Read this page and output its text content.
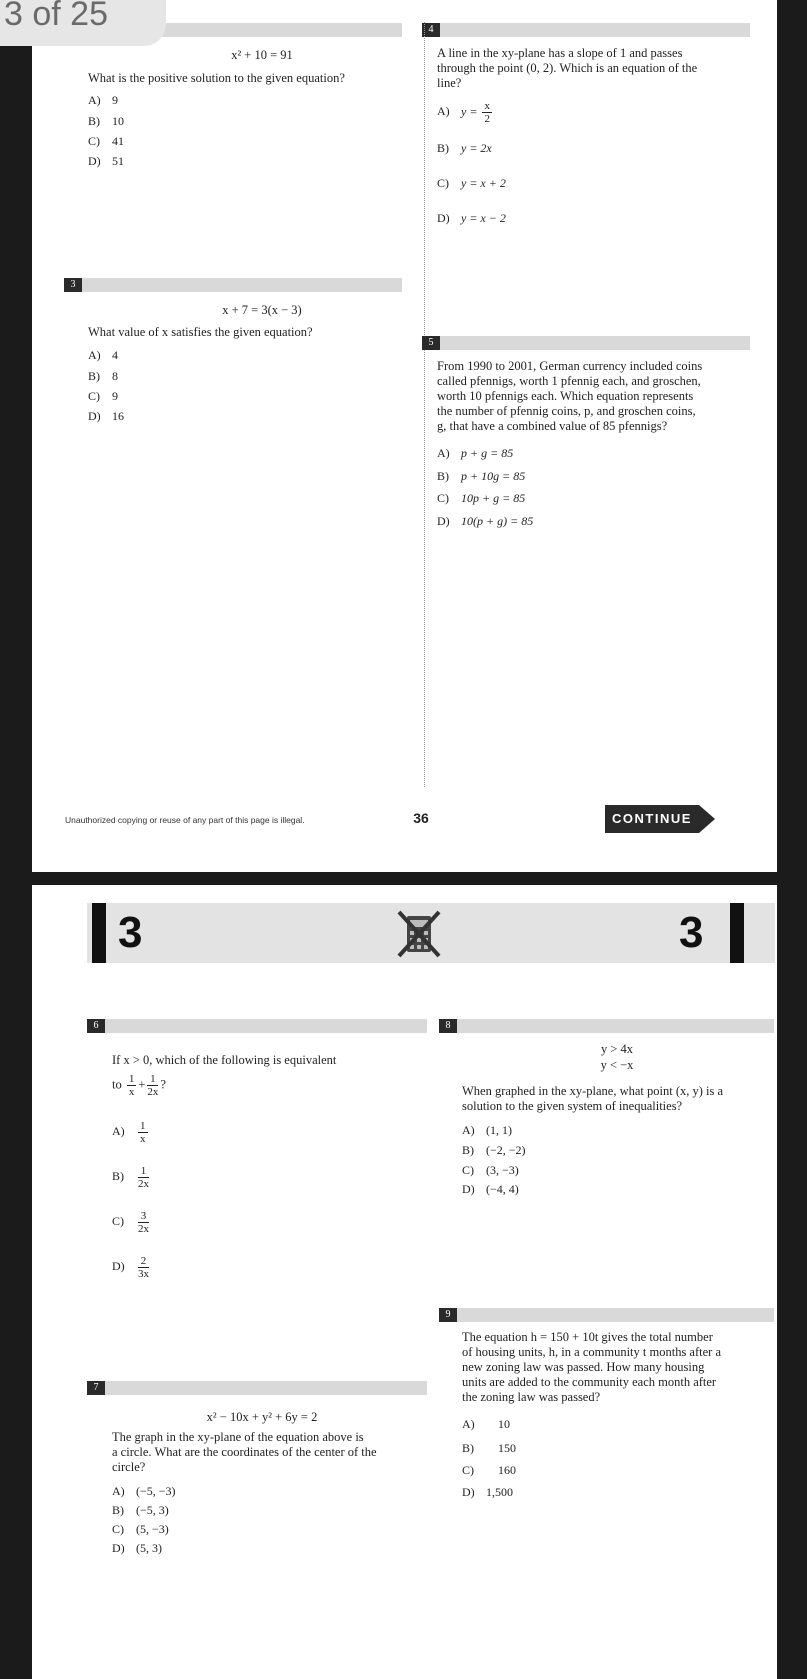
4
x² + 10 = 91
What is the positive solution to the given equation?
A) 9
B) 10
C) 41
D) 51
A line in the xy-plane has a slope of 1 and passes
through the point (0, 2). Which is an equation of the
line?
A) $y = \frac{x}{2}$
B) y = 2x
C) y = x + 2
D) y = x − 2
3
x + 7 = 3(x − 3)
What value of x satisfies the given equation?
A) 4
B) 8
C) 9
D) 16
5
From 1990 to 2001, German currency included coins
called pfennigs, worth 1 pfennig each, and groschen,
worth 10 pfennigs each. Which equation represents
the number of pfennig coins, p, and groschen coins,
g, that have a combined value of 85 pfennigs?
A) p + g = 85
B) p + 10g = 85
C) 10p + g = 85
D) 10(p + g) = 85
Unauthorized copying or reuse of any part of this page is illegal.	36	CONTINUE
3	3
6
If x > 0, which of the following is equivalent
to $\frac{1}{x} + \frac{1}{2x}$ ?
$A) \frac{1}{x}$
$B) \frac{1}{2x}$
$C) \frac{3}{2x}$
$D) \frac{2}{3x}$
8
y > 4x
y < −x
When graphed in the xy-plane, what point (x, y) is a
solution to the given system of inequalities?
A) (1, 1)
B) (−2, −2)
C) (3, −3)
D) (−4, 4)
9
The equation h = 150 + 10t gives the total number
of housing units, h, in a community t months after a
new zoning law was passed. How many housing
units are added to the community each month after
the zoning law was passed?
A) 10
B) 150
C) 160
D) 1,500
7
x² − 10x + y² + 6y = 2
The graph in the xy-plane of the equation above is
a circle. What are the coordinates of the center of the
circle?
A) (−5, −3)
B) (−5, 3)
C) (5, −3)
D) (5, 3)
3 of 25
